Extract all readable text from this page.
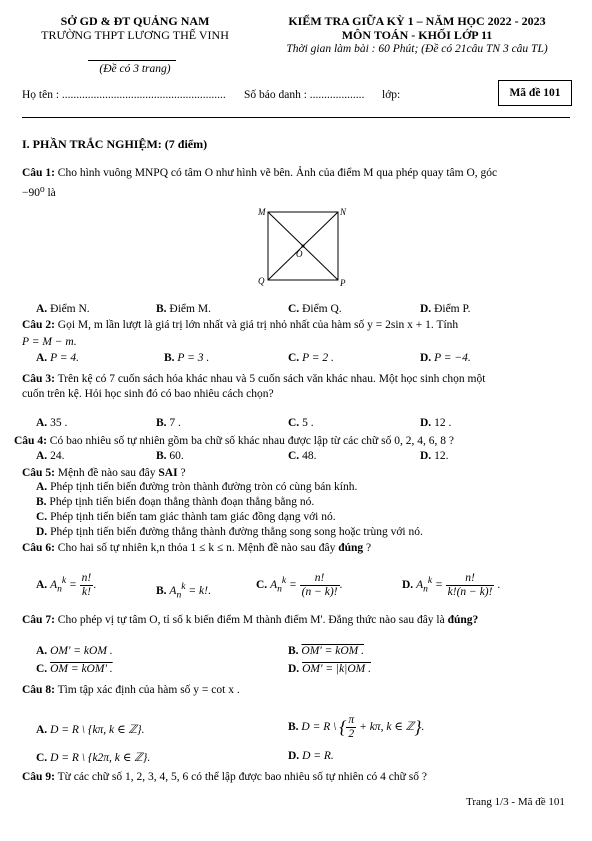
SỞ GD & ĐT QUẢNG NAM
TRƯỜNG THPT LƯƠNG THẾ VINH
(Đề có 3 trang)
KIỂM TRA GIỮA KỲ 1 – NĂM HỌC 2022 - 2023
MÔN TOÁN - KHỐI LỚP 11
Thời gian làm bài : 60 Phút; (Đề có 21câu TN 3 câu TL)
Họ tên : ......................................................... Số báo danh : ................... lớp:	Mã đề 101
I. PHẦN TRẮC NGHIỆM: (7 điểm)
Câu 1: Cho hình vuông MNPQ có tâm O như hình vẽ bên. Ảnh của điểm M qua phép quay tâm O, góc
−90⁰ là
M	N
Q	P
O
A. Điểm N.	B. Điểm M.	C. Điểm Q.	D. Điểm P.
Câu 2: Gọi M, m lần lượt là giá trị lớn nhất và giá trị nhỏ nhất của hàm số y = 2sin x + 1. Tính
P = M − m.
A. P = 4.	B. P = 3 .	C. P = 2 .	D. P = −4.
Câu 3: Trên kệ có 7 cuốn sách hóa khác nhau và 5 cuốn sách văn khác nhau. Một học sinh chọn một
cuốn trên kệ. Hỏi học sinh đó có bao nhiêu cách chọn?
A. 35 .	B. 7 .	C. 5 .	D. 12 .
Câu 4: Có bao nhiêu số tự nhiên gồm ba chữ số khác nhau được lập từ các chữ số 0, 2, 4, 6, 8 ?
A. 24.	B. 60.	C. 48.	D. 12.
Câu 5: Mệnh đề nào sau đây SAI ?
A. Phép tịnh tiến biến đường tròn thành đường tròn có cùng bán kính.
B. Phép tịnh tiến biến đoạn thẳng thành đoạn thẳng bằng nó.
C. Phép tịnh tiến biến tam giác thành tam giác đồng dạng với nó.
D. Phép tịnh tiến biến đường thẳng thành đường thẳng song song hoặc trùng với nó.
Câu 6: Cho hai số tự nhiên k,n thỏa 1 ≤ k ≤ n. Mệnh đề nào sau đây đúng ?
A. $A_n^k = \frac{n!}{k!}$ .	B. $A_n^k = k$!.	C. $A_n^k = \frac{n!}{(n - k)!}$ .	D. $A_n^k = \frac{n!}{k!(n - k)!}$ .
Câu 7: Cho phép vị tự tâm O, tỉ số k biến điểm M thành điểm M'. Đẳng thức nào sau đây là đúng?
A. OM' = kOM .	B. OM' = kOM .
C. OM = kOM' .	D. OM' = |k|OM .
Câu 8: Tìm tập xác định của hàm số y = cot x .
A. D = R \ {kπ, k ∈ ℤ}.	B. D = R \ { $\frac{\pi}{2} + k\pi$, k ∈ ℤ}.
C. D = R \ {k2π, k ∈ ℤ}.	D. D = R.
Câu 9: Từ các chữ số 1, 2, 3, 4, 5, 6 có thể lập được bao nhiêu số tự nhiên có 4 chữ số ?
Trang 1/3 - Mã đề 101
